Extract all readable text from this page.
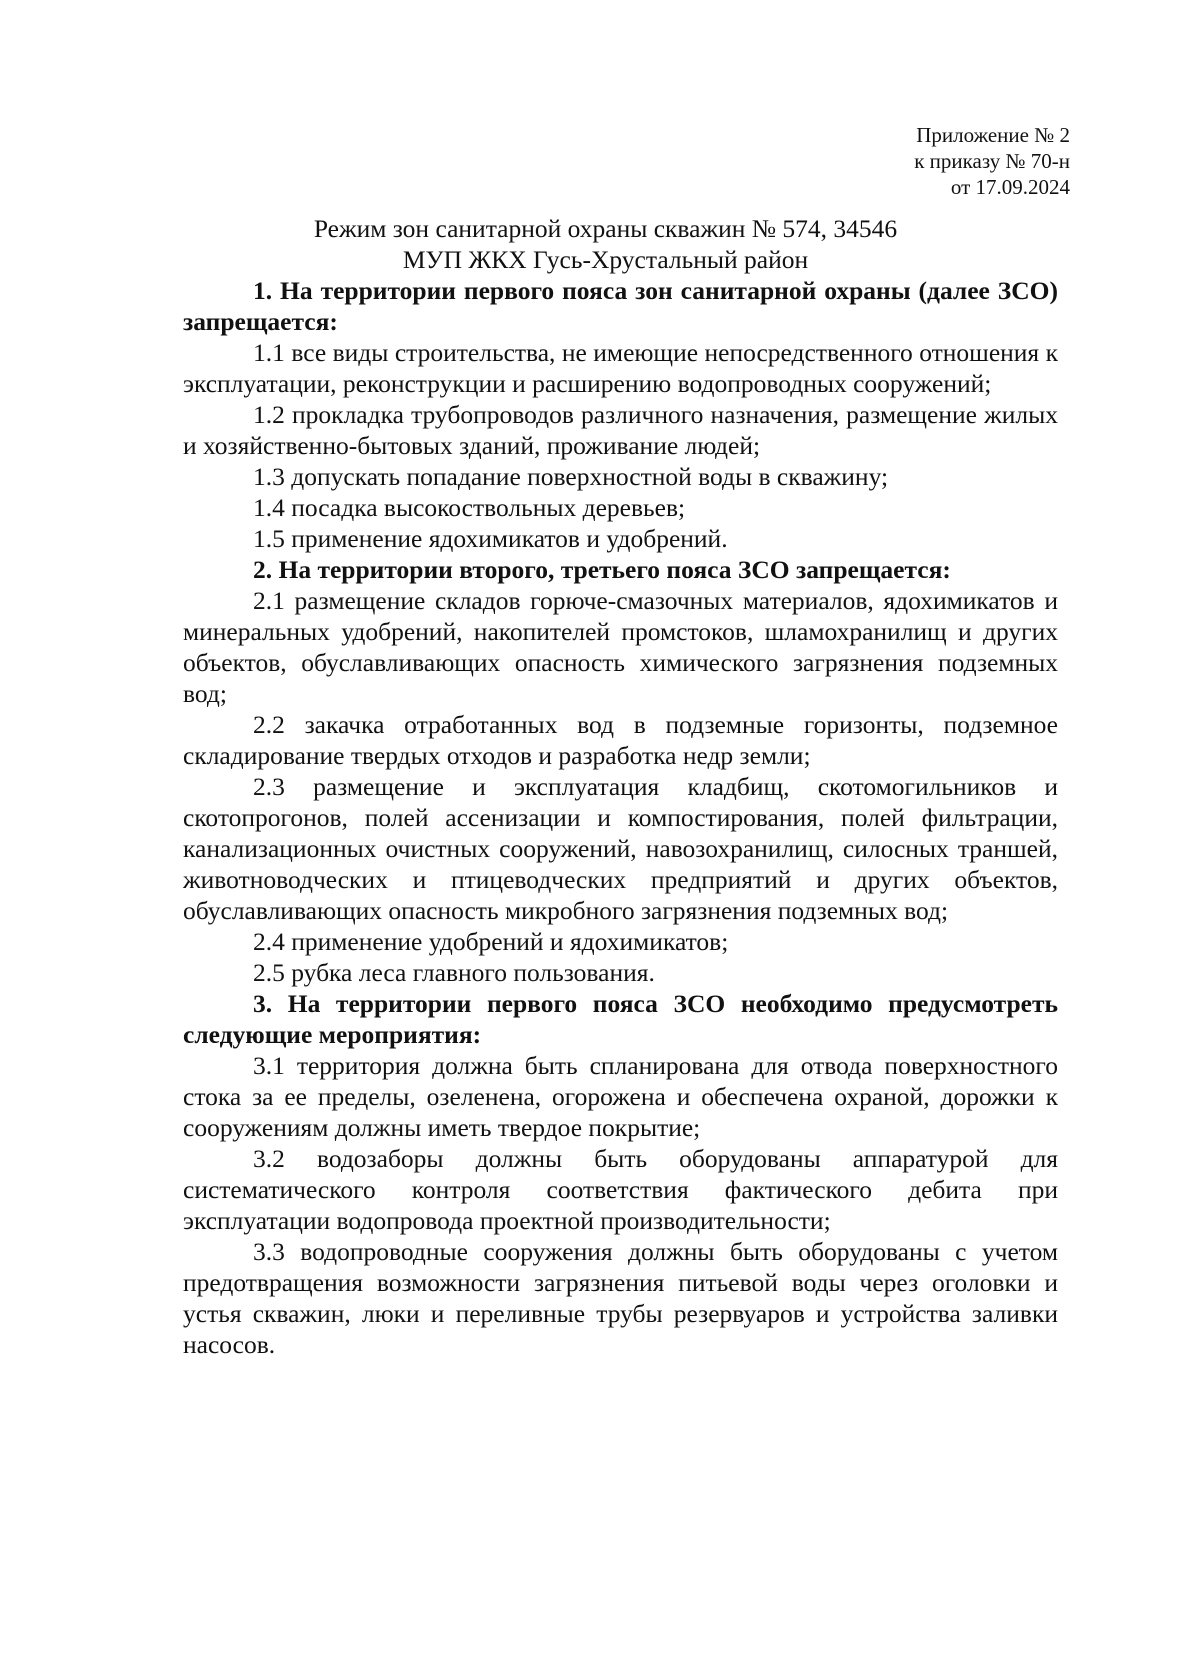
Приложение № 2
к приказу № 70-н
от 17.09.2024
Режим зон санитарной охраны скважин № 574, 34546
МУП ЖКХ Гусь-Хрустальный район

1. На территории первого пояса зон санитарной охраны (далее ЗСО) запрещается:

1.1 все виды строительства, не имеющие непосредственного отношения к эксплуатации, реконструкции и расширению водопроводных сооружений;

1.2 прокладка трубопроводов различного назначения, размещение жилых и хозяйственно-бытовых зданий, проживание людей;

1.3 допускать попадание поверхностной воды в скважину;

1.4 посадка высокоствольных деревьев;

1.5 применение ядохимикатов и удобрений.

2. На территории второго, третьего пояса ЗСО запрещается:

2.1 размещение складов горюче-смазочных материалов, ядохимикатов и минеральных удобрений, накопителей промстоков, шламохранилищ и других объектов, обуславливающих опасность химического загрязнения подземных вод;

2.2 закачка отработанных вод в подземные горизонты, подземное складирование твердых отходов и разработка недр земли;

2.3 размещение и эксплуатация кладбищ, скотомогильников и скотопрогонов, полей ассенизации и компостирования, полей фильтрации, канализационных очистных сооружений, навозохранилищ, силосных траншей, животноводческих и птицеводческих предприятий и других объектов, обуславливающих опасность микробного загрязнения подземных вод;

2.4 применение удобрений и ядохимикатов;

2.5 рубка леса главного пользования.

3. На территории первого пояса ЗСО необходимо предусмотреть следующие мероприятия:

3.1 территория должна быть спланирована для отвода поверхностного стока за ее пределы, озеленена, огорожена и обеспечена охраной, дорожки к сооружениям должны иметь твердое покрытие;

3.2 водозаборы должны быть оборудованы аппаратурой для систематического контроля соответствия фактического дебита при эксплуатации водопровода проектной производительности;

3.3 водопроводные сооружения должны быть оборудованы с учетом предотвращения возможности загрязнения питьевой воды через оголовки и устья скважин, люки и переливные трубы резервуаров и устройства заливки насосов.
